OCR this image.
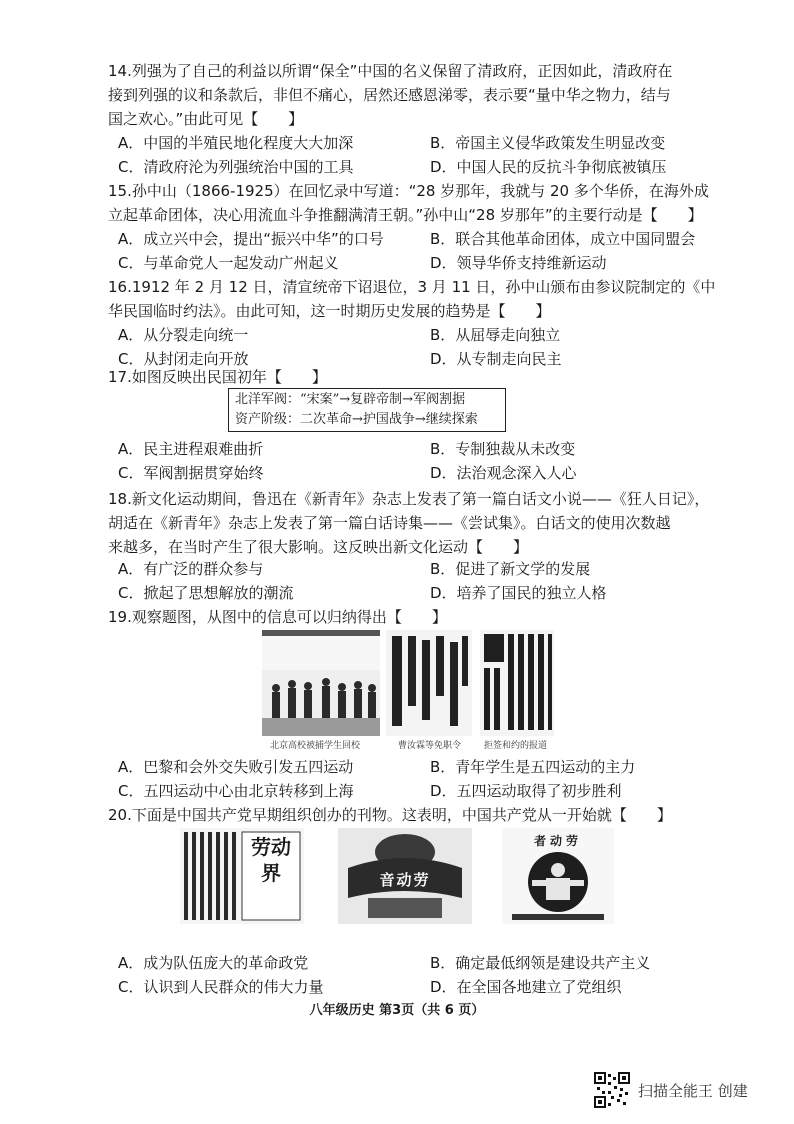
14.列强为了自己的利益以所谓“保全”中国的名义保留了清政府，正因如此，清政府在
接到列强的议和条款后，非但不痛心，居然还感恩涕零，表示要“量中华之物力，结与
国之欢心。”由此可见【　　】
A．中国的半殖民地化程度大大加深	B．帝国主义侵华政策发生明显改变
C．清政府沦为列强统治中国的工具	D．中国人民的反抗斗争彻底被镇压
15.孙中山（1866-1925）在回忆录中写道：“28 岁那年，我就与 20 多个华侨，在海外成
立起革命团体，决心用流血斗争推翻满清王朝。”孙中山“28 岁那年”的主要行动是【　　】
A．成立兴中会，提出“振兴中华”的口号	B．联合其他革命团体，成立中国同盟会
C．与革命党人一起发动广州起义	D．领导华侨支持维新运动
16.1912 年 2 月 12 日，清宣统帝下诏退位，3 月 11 日，孙中山颁布由参议院制定的《中
华民国临时约法》。由此可知，这一时期历史发展的趋势是【　　】
A．从分裂走向统一	B．从屈辱走向独立
C．从封闭走向开放	D．从专制走向民主
17.如图反映出民国初年【　　】
北洋军阀：“宋案”→复辟帝制→军阀割据
资产阶级：二次革命→护国战争→继续探索
A．民主进程艰难曲折	B．专制独裁从未改变
C．军阀割据贯穿始终	D．法治观念深入人心
18.新文化运动期间，鲁迅在《新青年》杂志上发表了第一篇白话文小说——《狂人日记》，
胡适在《新青年》杂志上发表了第一篇白话诗集——《尝试集》。白话文的使用次数越
来越多，在当时产生了很大影响。这反映出新文化运动【　　】
A．有广泛的群众参与	B．促进了新文学的发展
C．掀起了思想解放的潮流	D．培养了国民的独立人格
19.观察题图，从图中的信息可以归纳得出【　　】
北京高校被捕学生回校	曹汝霖等免职令	拒签和约的报道
A．巴黎和会外交失败引发五四运动	B．青年学生是五四运动的主力
C．五四运动中心由北京转移到上海	D．五四运动取得了初步胜利
20.下面是中国共产党早期组织创办的刊物。这表明，中国共产党从一开始就【　　】
劳动界	劳动音
劳动者
A．成为队伍庞大的革命政党	B．确定最低纲领是建设共产主义
C．认识到人民群众的伟大力量	D．在全国各地建立了党组织
八年级历史 第3页（共 6 页）
扫描全能王 创建
